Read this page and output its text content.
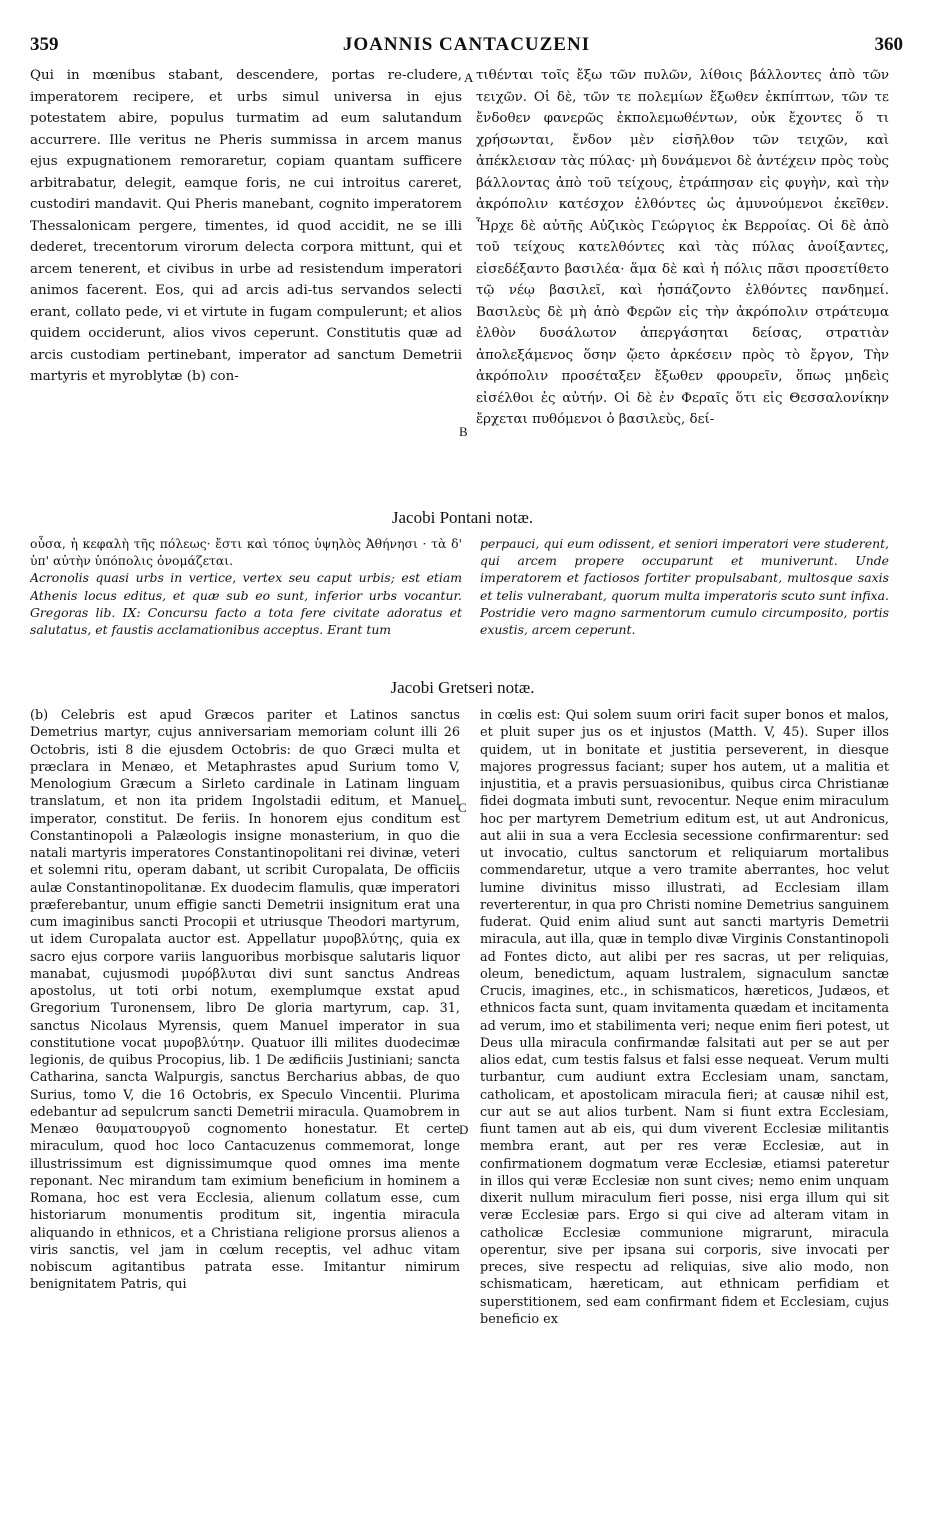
359	JOANNIS CANTACUZENI	360

Qui in mœnibus stabant, descendere, portas re-cludere, imperatorem recipere, et urbs simul universa in ejus potestatem abire, populus turmatim ad eum salutandum accurrere. Ille veritus ne Pheris summissa in arcem manus ejus expugnationem remoraretur, copiam quantam sufficere arbitrabatur, delegit, eamque foris, ne cui introitus careret, custodiri mandavit. Qui Pheris manebant, cognito imperatorem Thessalonicam pergere, timentes, id quod accidit, ne se illi dederet, trecentorum virorum delecta corpora mittunt, qui et arcem tenerent, et civibus in urbe ad resistendum imperatori animos facerent. Eos, qui ad arcis adi-tus servandos selecti erant, collato pede, vi et virtute in fugam compulerunt; et alios quidem occiderunt, alios vivos ceperunt. Constitutis quæ ad arcis custodiam pertinebant, imperator ad sanctum Demetrii martyris et myroblytæ (b) con-

τιθένται τοῖς ἔξω τῶν πυλῶν, λίθοις βάλλοντες ἀπὸ τῶν τειχῶν. Οἱ δὲ, τῶν τε πολεμίων ἔξωθεν ἐκπίπτων, τῶν τε ἔνδοθεν φανερῶς ἐκπολεμωθέντων, οὐκ ἔχοντες ὅ τι χρήσωνται, ἔνδον μὲν εἰσῆλθον τῶν τειχῶν, καὶ ἀπέκλεισαν τὰς πύλας· μὴ δυνάμενοι δὲ ἀντέχειν πρὸς τοὺς βάλλοντας ἀπὸ τοῦ τείχους, ἐτράπησαν εἰς φυγὴν, καὶ τὴν ἀκρόπολιν κατέσχον ἐλθόντες ὡς ἀμυνούμενοι ἐκεῖθεν. Ἦρχε δὲ αὐτῆς Αὐζικὸς Γεώργιος ἐκ Βερροίας. Οἱ δὲ ἀπὸ τοῦ τείχους κατελθόντες καὶ τὰς πύλας ἀνοίξαντες, εἰσεδέξαντο βασιλέα· ἅμα δὲ καὶ ἡ πόλις πᾶσι προσετίθετο τῷ νέῳ βασιλεῖ, καὶ ἠσπάζοντο ἐλθόντες πανδημεί. Βασιλεὺς δὲ μὴ ἀπὸ Φερῶν εἰς τὴν ἀκρόπολιν στράτευμα ἐλθὸν δυσάλωτον ἀπεργάσηται δείσας, στρατιὰν ἀπολεξάμενος ὅσην ᾤετο ἀρκέσειν πρὸς τὸ ἔργον, Τὴν ἀκρόπολιν προσέταξεν ἔξωθεν φρουρεῖν, ὅπως μηδεὶς εἰσέλθοι ἐς αὐτήν. Οἱ δὲ ἐν Φεραῖς ὅτι εἰς Θεσσαλονίκην ἔρχεται πυθόμενοι ὁ βασιλεὺς, δεί-

A
B
Jacobi Pontani notæ.

οὖσα, ἡ κεφαλὴ τῆς πόλεως· ἔστι καὶ τόπος ὑψηλὸς Ἀθήνησι · τὰ δ' ὑπ' αὐτὴν ὑπόπολις ὀνομάζεται.

Acronolis quasi urbs in vertice, vertex seu caput urbis; est etiam Athenis locus editus, et quæ sub eo sunt, inferior urbs vocantur. Gregoras lib. IX: Concursu facto a tota fere civitate adoratus et salutatus, et faustis acclamationibus acceptus. Erant tum

perpauci, qui eum odissent, et seniori imperatori vere studerent, qui arcem propere occuparunt et muniverunt. Unde imperatorem et factiosos fortiter propulsabant, multosque saxis et telis vulnerabant, quorum multa imperatoris scuto sunt infixa. Postridie vero magno sarmentorum cumulo circumposito, portis exustis, arcem ceperunt.

Jacobi Gretseri notæ.

(b) Celebris est apud Græcos pariter et Latinos sanctus Demetrius martyr, cujus anniversariam memoriam colunt illi 26 Octobris, isti 8 die ejusdem Octobris: de quo Græci multa et præclara in Menæo, et Metaphrastes apud Surium tomo V, Menologium Græcum a Sirleto cardinale in Latinam linguam translatum, et non ita pridem Ingolstadii editum, et Manuel imperator, constitut. De feriis. In honorem ejus conditum est Constantinopoli a Palæologis insigne monasterium, in quo die natali martyris imperatores Constantinopolitani rei divinæ, veteri et solemni ritu, operam dabant, ut scribit Curopalata, De officiis aulæ Constantinopolitanæ. Ex duodecim flamulis, quæ imperatori præferebantur, unum effigie sancti Demetrii insignitum erat una cum imaginibus sancti Procopii et utriusque Theodori martyrum, ut idem Curopalata auctor est. Appellatur μυροβλύτης, quia ex sacro ejus corpore variis languoribus morbisque salutaris liquor manabat, cujusmodi μυρόβλυται divi sunt sanctus Andreas apostolus, ut toti orbi notum, exemplumque exstat apud Gregorium Turonensem, libro De gloria martyrum, cap. 31, sanctus Nicolaus Myrensis, quem Manuel imperator in sua constitutione vocat μυροβλύτην. Quatuor illi milites duodecimæ legionis, de quibus Procopius, lib. 1 De ædificiis Justiniani; sancta Catharina, sancta Walpurgis, sanctus Bercharius abbas, de quo Surius, tomo V, die 16 Octobris, ex Speculo Vincentii. Plurima edebantur ad sepulcrum sancti Demetrii miracula. Quamobrem in Menæo θαυματουργοῦ cognomento honestatur. Et certe miraculum, quod hoc loco Cantacuzenus commemorat, longe illustrissimum est dignissimumque quod omnes ima mente reponant. Nec mirandum tam eximium beneficium in hominem a Romana, hoc est vera Ecclesia, alienum collatum esse, cum historiarum monumentis proditum sit, ingentia miracula aliquando in ethnicos, et a Christiana religione prorsus alienos a viris sanctis, vel jam in cœlum receptis, vel adhuc vitam nobiscum agitantibus patrata esse. Imitantur nimirum benignitatem Patris, qui

in cœlis est: Qui solem suum oriri facit super bonos et malos, et pluit super jus os et injustos (Matth. V, 45). Super illos quidem, ut in bonitate et justitia perseverent, in diesque majores progressus faciant; super hos autem, ut a malitia et injustitia, et a pravis persuasionibus, quibus circa Christianæ fidei dogmata imbuti sunt, revocentur. Neque enim miraculum hoc per martyrem Demetrium editum est, ut aut Andronicus, aut alii in sua a vera Ecclesia secessione confirmarentur: sed ut invocatio, cultus sanctorum et reliquiarum mortalibus commendaretur, utque a vero tramite aberrantes, hoc velut lumine divinitus misso illustrati, ad Ecclesiam illam reverterentur, in qua pro Christi nomine Demetrius sanguinem fuderat. Quid enim aliud sunt aut sancti martyris Demetrii miracula, aut illa, quæ in templo divæ Virginis Constantinopoli ad Fontes dicto, aut alibi per res sacras, ut per reliquias, oleum, benedictum, aquam lustralem, signaculum sanctæ Crucis, imagines, etc., in schismaticos, hæreticos, Judæos, et ethnicos facta sunt, quam invitamenta quædam et incitamenta ad verum, imo et stabilimenta veri; neque enim fieri potest, ut Deus ulla miracula confirmandæ falsitati aut per se aut per alios edat, cum testis falsus et falsi esse nequeat. Verum multi turbantur, cum audiunt extra Ecclesiam unam, sanctam, catholicam, et apostolicam miracula fieri; at causæ nihil est, cur aut se aut alios turbent. Nam si fiunt extra Ecclesiam, fiunt tamen aut ab eis, qui dum viverent Ecclesiæ militantis membra erant, aut per res veræ Ecclesiæ, aut in confirmationem dogmatum veræ Ecclesiæ, etiamsi pateretur in illos qui veræ Ecclesiæ non sunt cives; nemo enim unquam dixerit nullum miraculum fieri posse, nisi erga illum qui sit veræ Ecclesiæ pars. Ergo si qui cive ad alteram vitam in catholicæ Ecclesiæ communione migrarunt, miracula operentur, sive per ipsana sui corporis, sive invocati per preces, sive respectu ad reliquias, sive alio modo, non schismaticam, hæreticam, aut ethnicam perfidiam et superstitionem, sed eam confirmant fidem et Ecclesiam, cujus beneficio ex

C
D
